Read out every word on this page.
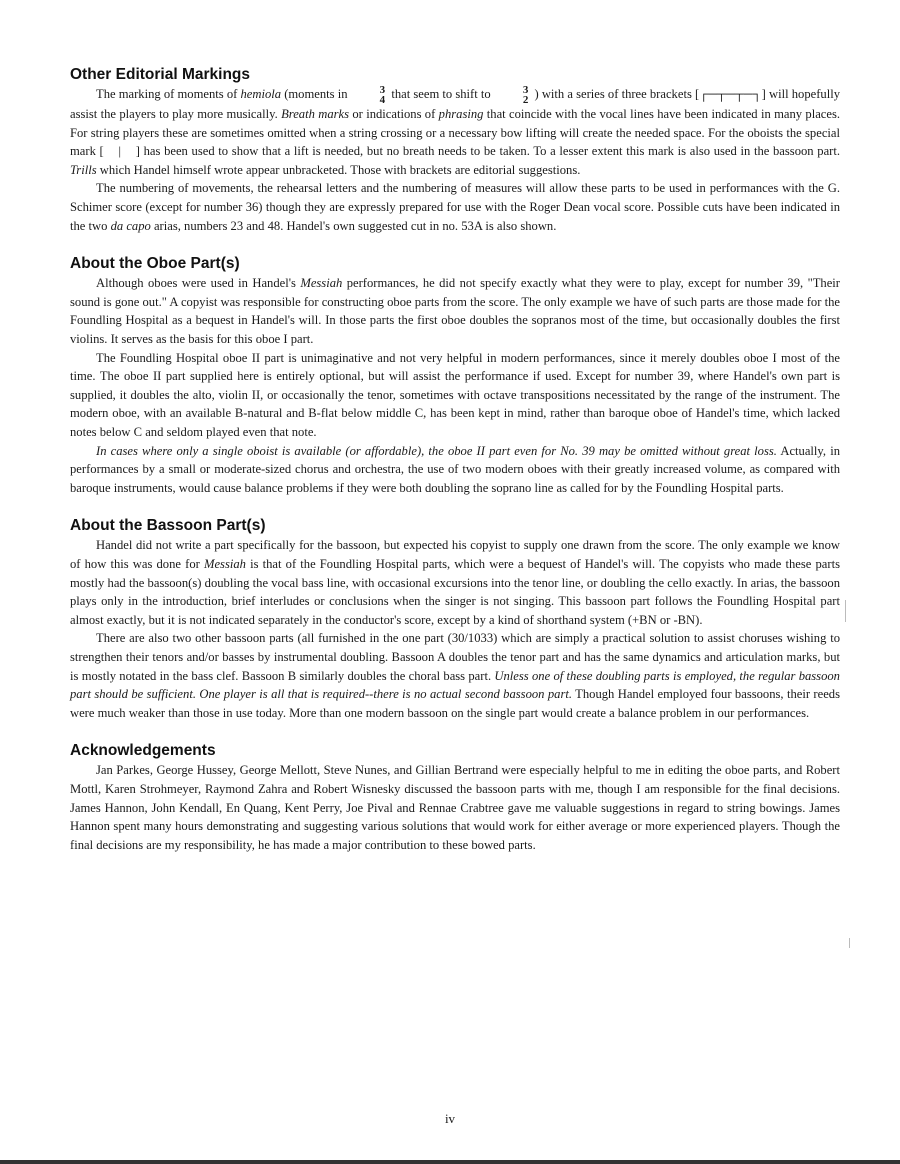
Other Editorial Markings

The marking of moments of hemiola (moments in	3
4 that seem to shift to	3
2 ) with a series of three brackets [┌─┬─┬─┐] will hopefully assist the players to play more musically. Breath marks or indications of phrasing that coincide with the vocal lines have been indicated in many places. For string players these are sometimes omitted when a string crossing or a necessary bow lifting will create the needed space. For the oboists the special mark [    |    ] has been used to show that a lift is needed, but no breath needs to be taken. To a lesser extent this mark is also used in the bassoon part. Trills which Handel himself wrote appear unbracketed. Those with brackets are editorial suggestions.

The numbering of movements, the rehearsal letters and the numbering of measures will allow these parts to be used in performances with the G. Schimer score (except for number 36) though they are expressly prepared for use with the Roger Dean vocal score. Possible cuts have been indicated in the two da capo arias, numbers 23 and 48. Handel's own suggested cut in no. 53A is also shown.

About the Oboe Part(s)

Although oboes were used in Handel's Messiah performances, he did not specify exactly what they were to play, except for number 39, "Their sound is gone out." A copyist was responsible for constructing oboe parts from the score. The only example we have of such parts are those made for the Foundling Hospital as a bequest in Handel's will. In those parts the first oboe doubles the sopranos most of the time, but occasionally doubles the first violins. It serves as the basis for this oboe I part.

The Foundling Hospital oboe II part is unimaginative and not very helpful in modern performances, since it merely doubles oboe I most of the time. The oboe II part supplied here is entirely optional, but will assist the performance if used. Except for number 39, where Handel's own part is supplied, it doubles the alto, violin II, or occasionally the tenor, sometimes with octave transpositions necessitated by the range of the instrument. The modern oboe, with an available B-natural and B-flat below middle C, has been kept in mind, rather than baroque oboe of Handel's time, which lacked notes below C and seldom played even that note.

In cases where only a single oboist is available (or affordable), the oboe II part even for No. 39 may be omitted without great loss. Actually, in performances by a small or moderate-sized chorus and orchestra, the use of two modern oboes with their greatly increased volume, as compared with baroque instruments, would cause balance problems if they were both doubling the soprano line as called for by the Foundling Hospital parts.

About the Bassoon Part(s)

Handel did not write a part specifically for the bassoon, but expected his copyist to supply one drawn from the score. The only example we know of how this was done for Messiah is that of the Foundling Hospital parts, which were a bequest of Handel's will. The copyists who made these parts mostly had the bassoon(s) doubling the vocal bass line, with occasional excursions into the tenor line, or doubling the cello exactly. In arias, the bassoon plays only in the introduction, brief interludes or conclusions when the singer is not singing. This bassoon part follows the Foundling Hospital part almost exactly, but it is not indicated separately in the conductor's score, except by a kind of shorthand system (+BN or -BN).

There are also two other bassoon parts (all furnished in the one part (30/1033) which are simply a practical solution to assist choruses wishing to strengthen their tenors and/or basses by instrumental doubling. Bassoon A doubles the tenor part and has the same dynamics and articulation marks, but is mostly notated in the bass clef. Bassoon B similarly doubles the choral bass part. Unless one of these doubling parts is employed, the regular bassoon part should be sufficient. One player is all that is required--there is no actual second bassoon part. Though Handel employed four bassoons, their reeds were much weaker than those in use today. More than one modern bassoon on the single part would create a balance problem in our performances.

Acknowledgements

Jan Parkes, George Hussey, George Mellott, Steve Nunes, and Gillian Bertrand were especially helpful to me in editing the oboe parts, and Robert Mottl, Karen Strohmeyer, Raymond Zahra and Robert Wisnesky discussed the bassoon parts with me, though I am responsible for the final decisions. James Hannon, John Kendall, En Quang, Kent Perry, Joe Pival and Rennae Crabtree gave me valuable suggestions in regard to string bowings. James Hannon spent many hours demonstrating and suggesting various solutions that would work for either average or more experienced players. Though the final decisions are my responsibility, he has made a major contribution to these bowed parts.

iv
